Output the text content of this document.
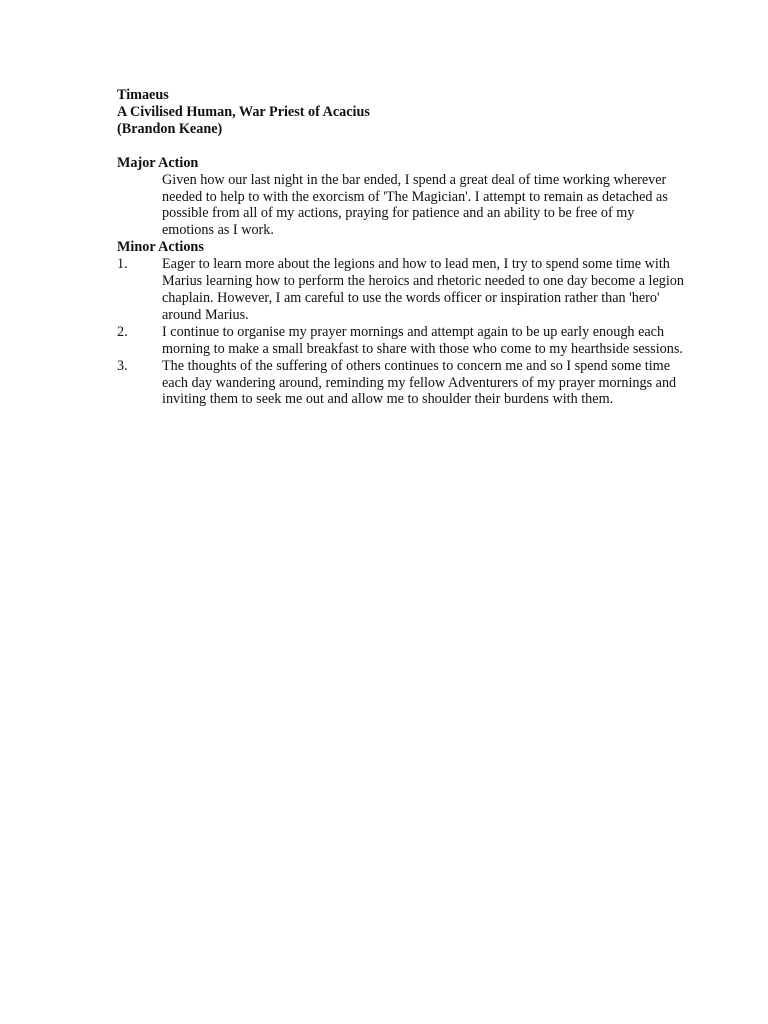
Timaeus
A Civilised Human, War Priest of Acacius
(Brandon Keane)
Major Action
Given how our last night in the bar ended, I spend a great deal of time working wherever needed to help to with the exorcism of 'The Magician'. I attempt to remain as detached as possible from all of my actions, praying for patience and an ability to be free of my emotions as I work.
Minor Actions
1.	Eager to learn more about the legions and how to lead men, I try to spend some time with Marius learning how to perform the heroics and rhetoric needed to one day become a legion chaplain. However, I am careful to use the words officer or inspiration rather than 'hero' around Marius.
2.	I continue to organise my prayer mornings and attempt again to be up early enough each morning to make a small breakfast to share with those who come to my hearthside sessions.
3.	The thoughts of the suffering of others continues to concern me and so I spend some time each day wandering around, reminding my fellow Adventurers of my prayer mornings and inviting them to seek me out and allow me to shoulder their burdens with them.
